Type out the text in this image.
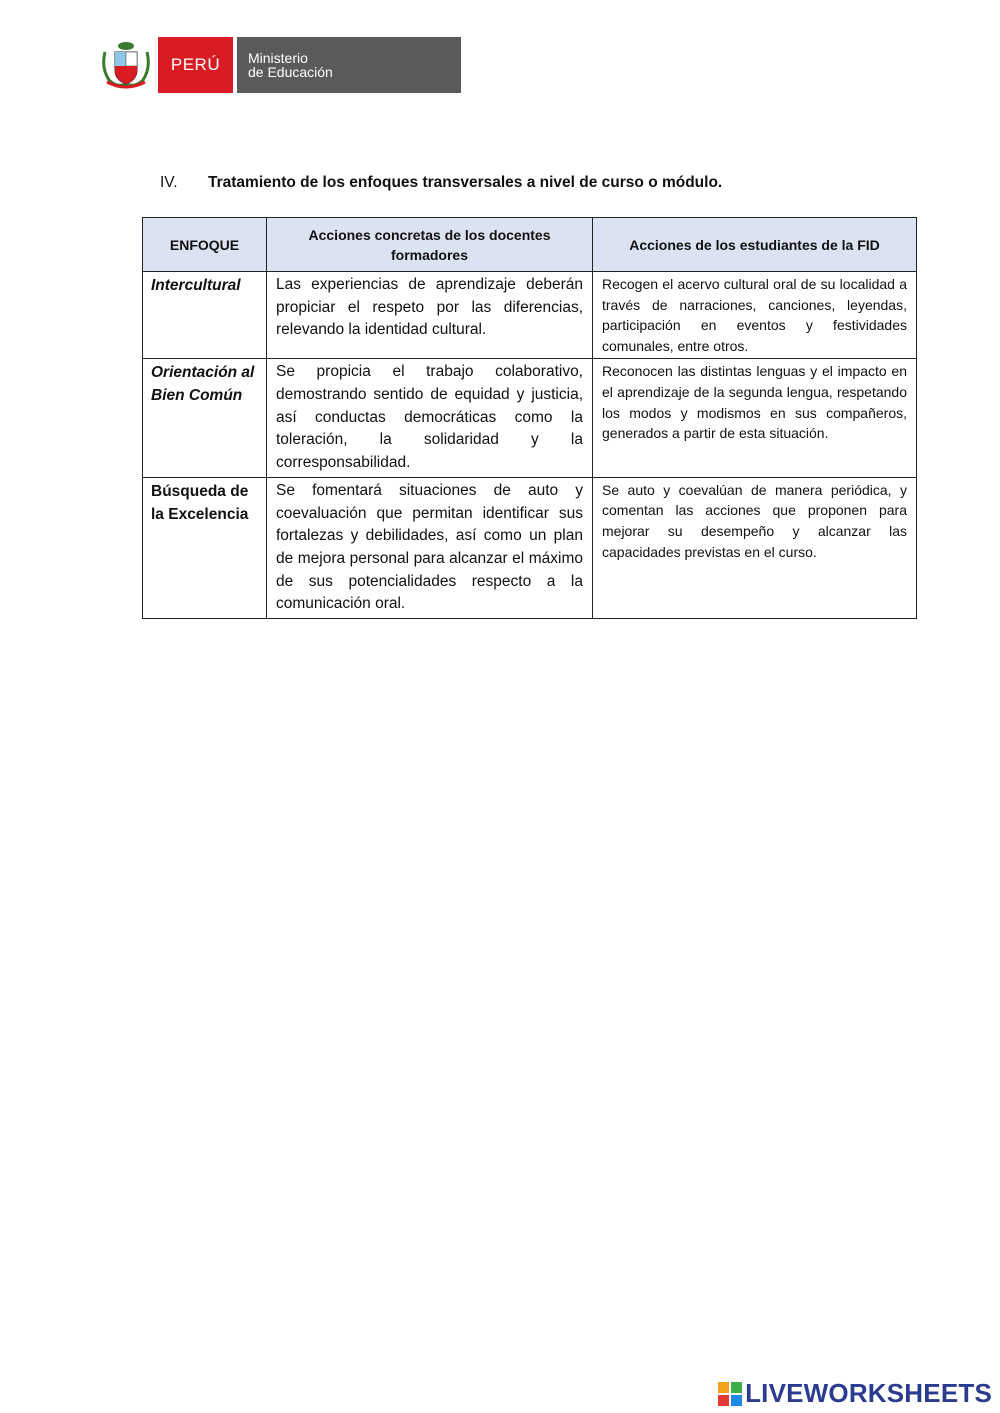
PERÚ	Ministerio
de Educación
IV.	Tratamiento de los enfoques transversales a nivel de curso o módulo.
ENFOQUE	Acciones concretas de los docentes formadores	Acciones de los estudiantes de la FID
Intercultural	Las experiencias de aprendizaje deberán propiciar el respeto por las diferencias, relevando la identidad cultural.	Recogen el acervo cultural oral de su localidad a través de narraciones, canciones, leyendas, participación en eventos y festividades comunales, entre otros.
Orientación al Bien Común	Se propicia el trabajo colaborativo, demostrando sentido de equidad y justicia, así conductas democráticas como la toleración, la solidaridad y la corresponsabilidad.	Reconocen las distintas lenguas y el impacto en el aprendizaje de la segunda lengua, respetando los modos y modismos en sus compañeros, generados a partir de esta situación.
Búsqueda de la Excelencia	Se fomentará situaciones de auto y coevaluación que permitan identificar sus fortalezas y debilidades, así como un plan de mejora personal para alcanzar el máximo de sus potencialidades respecto a la comunicación oral.	Se auto y coevalúan de manera periódica, y comentan las acciones que proponen para mejorar su desempeño y alcanzar las capacidades previstas en el curso.
LIVEWORKSHEETS
